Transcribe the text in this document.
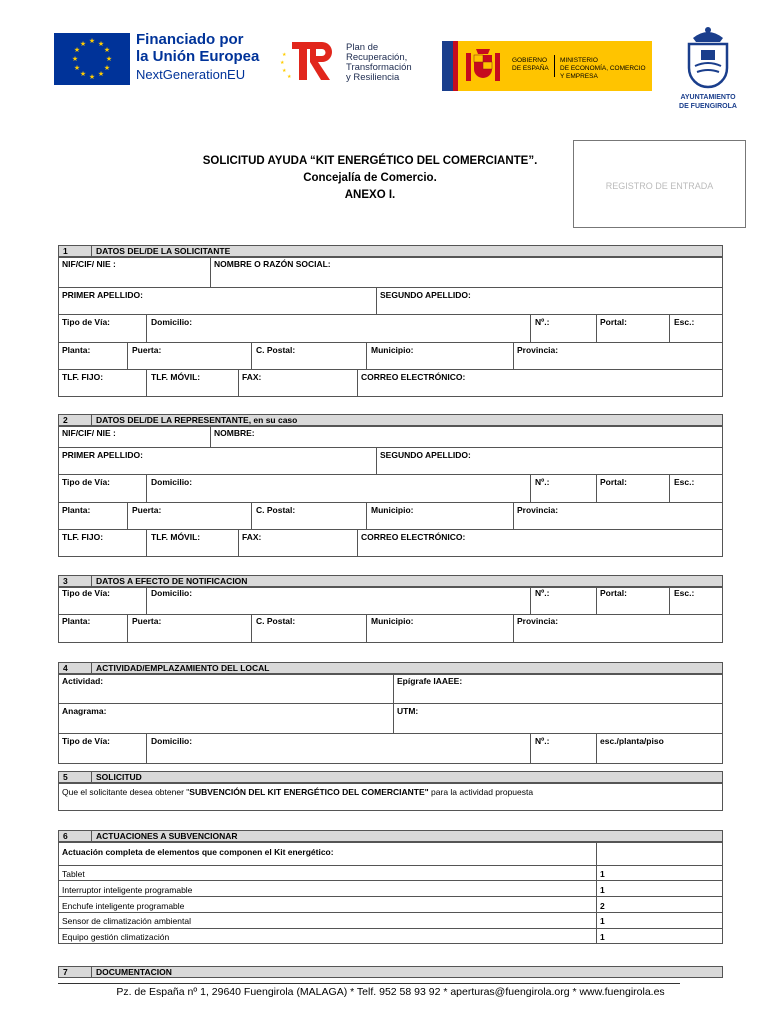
★ ★
★
★
★
★
★
★
★
★
★
★	Financiado por
la Unión Europea
NextGenerationEU
★
★
★
★
Plan de
Recuperación,
Transformación
y Resiliencia
GOBIERNO
DE ESPAÑA
MINISTERIO
DE ECONOMÍA, COMERCIO
Y EMPRESA
AYUNTAMIENTO
DE FUENGIROLA
SOLICITUD AYUDA “KIT ENERGÉTICO DEL COMERCIANTE”.
Concejalía de Comercio.
ANEXO I.
REGISTRO DE ENTRADA
1	DATOS DEL/DE LA SOLICITANTE
NIF/CIF/ NIE :	NOMBRE O RAZÓN SOCIAL:
PRIMER APELLIDO:	SEGUNDO APELLIDO:
Tipo de Vía:	Domicilio:	Nº.:	Portal:	Esc.:
Planta:	Puerta:	C. Postal:	Municipio:	Provincia:
TLF. FIJO:	TLF. MÓVIL:	FAX:	CORREO ELECTRÓNICO:
2	DATOS DEL/DE LA REPRESENTANTE, en su caso
NIF/CIF/ NIE :	NOMBRE:
PRIMER APELLIDO:	SEGUNDO APELLIDO:
Tipo de Vía:	Domicilio:	Nº.:	Portal:	Esc.:
Planta:	Puerta:	C. Postal:	Municipio:	Provincia:
TLF. FIJO:	TLF. MÓVIL:	FAX:	CORREO ELECTRÓNICO:
3	DATOS A EFECTO DE NOTIFICACION
Tipo de Vía:	Domicilio:	Nº.:	Portal:	Esc.:
Planta:	Puerta:	C. Postal:	Municipio:	Provincia:
4	ACTIVIDAD/EMPLAZAMIENTO DEL LOCAL
Actividad:	Epígrafe IAAEE:
Anagrama:	UTM:
Tipo de Vía:	Domicilio:	Nº.:	esc./planta/piso
5	SOLICITUD
Que el solicitante desea obtener "SUBVENCIÓN DEL KIT ENERGÉTICO DEL COMERCIANTE" para la actividad propuesta
6	ACTUACIONES A SUBVENCIONAR
Actuación completa de elementos que componen el Kit energético:
Tablet	1
Interruptor inteligente programable	1
Enchufe inteligente programable	2
Sensor de climatización ambiental	1
Equipo gestión climatización	1
7	DOCUMENTACION
Pz. de España nº 1, 29640 Fuengirola (MALAGA) * Telf. 952 58 93 92 * aperturas@fuengirola.org * www.fuengirola.es
